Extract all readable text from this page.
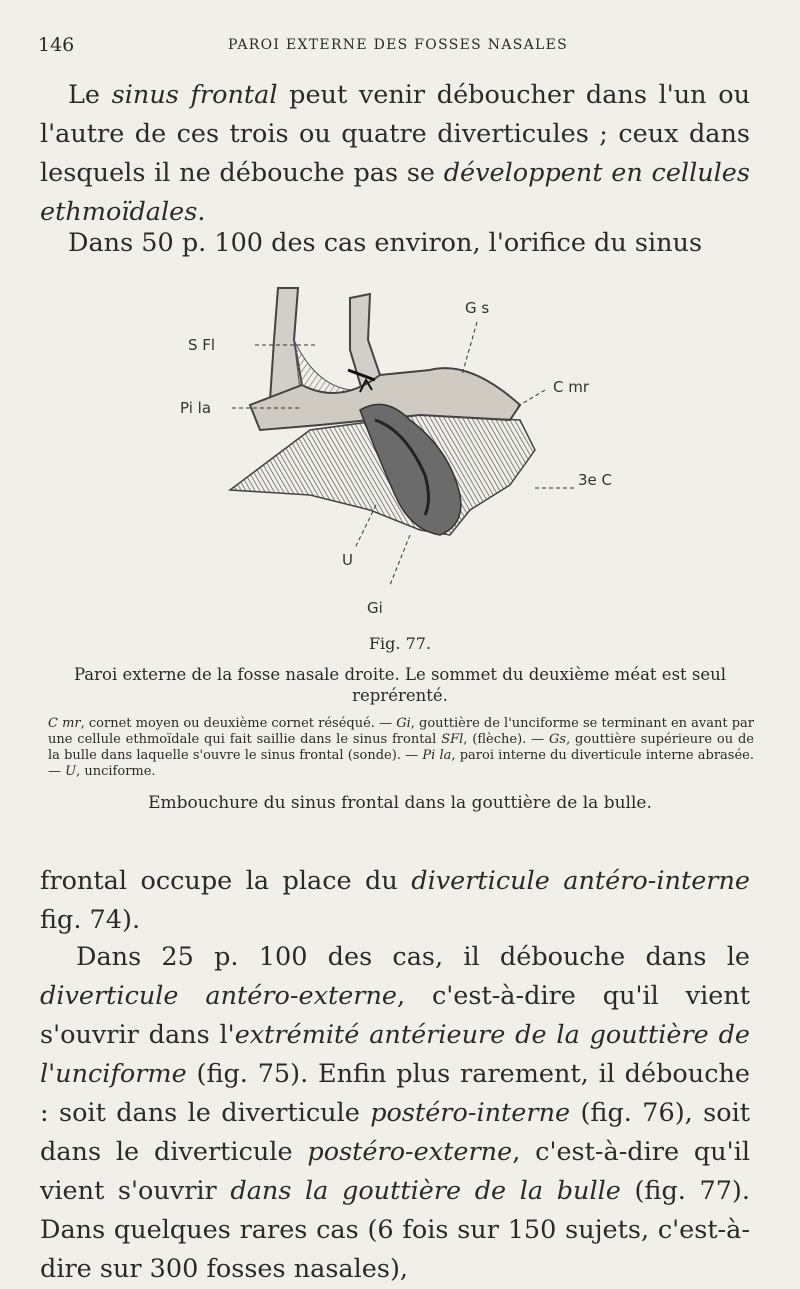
146	PAROI EXTERNE DES FOSSES NASALES

Le sinus frontal peut venir déboucher dans l'un ou l'autre de ces trois ou quatre diverticules ; ceux dans lesquels il ne débouche pas se développent en cellules ethmoïdales.

Dans 50 p. 100 des cas environ, l'orifice du sinus

S Fl
Pi la
G s
C mr
3e C
U
Gi

Fig. 77.

Paroi externe de la fosse nasale droite. Le sommet du deuxième méat est seul reprérenté.

C mr, cornet moyen ou deuxième cornet réséqué. — Gi, gouttière de l'unciforme se terminant en avant par une cellule ethmoïdale qui fait saillie dans le sinus frontal SFl, (flèche). — Gs, gouttière supérieure ou de la bulle dans laquelle s'ouvre le sinus frontal (sonde). — Pi la, paroi interne du diverticule interne abrasée. — U, unciforme.

Embouchure du sinus frontal dans la gouttière de la bulle.

frontal occupe la place du diverticule antéro-interne fig. 74).

Dans 25 p. 100 des cas, il débouche dans le diverticule antéro-externe, c'est-à-dire qu'il vient s'ouvrir dans l'extrémité antérieure de la gouttière de l'unciforme (fig. 75). Enfin plus rarement, il débouche : soit dans le diverticule postéro-interne (fig. 76), soit dans le diverticule postéro-externe, c'est-à-dire qu'il vient s'ouvrir dans la gouttière de la bulle (fig. 77). Dans quelques rares cas (6 fois sur 150 sujets, c'est-à-dire sur 300 fosses nasales),
